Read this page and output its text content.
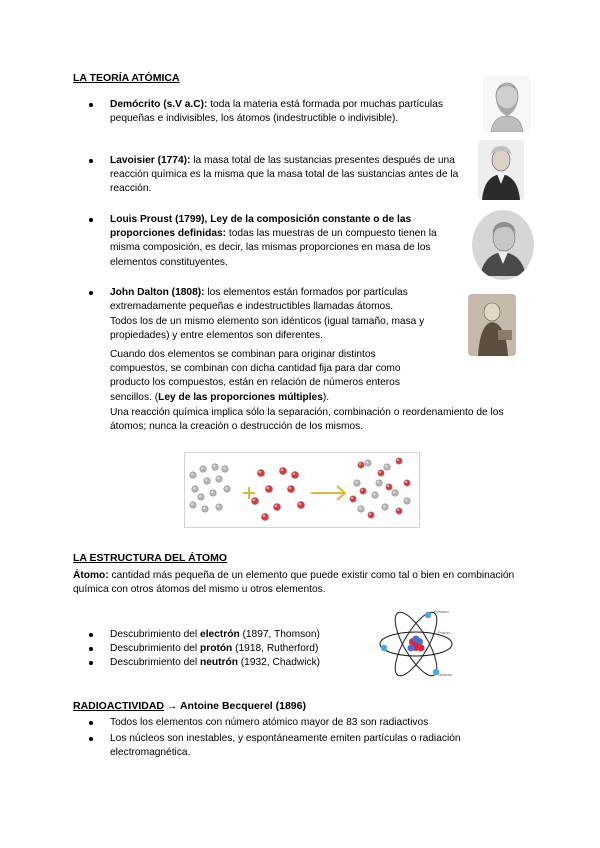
LA TEORÍA ATÓMICA
Demócrito (s.V a.C): toda la materia está formada por muchas partículas pequeñas e indivisibles, los átomos (indestructible o indivisible).
Lavoisier (1774): la masa total de las sustancias presentes después de una reacción química es la misma que la masa total de las sustancias antes de la reacción.
Louis Proust (1799), Ley de la composición constante o de las proporciones definidas: todas las muestras de un compuesto tienen la misma composición, es decir, las mismas proporciones en masa de los elementos constituyentes.
John Dalton (1808): los elementos están formados por partículas extremadamente pequeñas e indestructibles llamadas átomos.
Todos los de un mismo elemento son idénticos (igual tamaño, masa y propiedades) y entre elementos son diferentes.
Cuando dos elementos se combinan para originar distintos compuestos, se combinan con dicha cantidad fija para dar como producto los compuestos, están en relación de números enteros sencillos. (Ley de las proporciones múltiples).
Una reacción química implica sólo la separación, combinación o reordenamiento de los átomos; nunca la creación o destrucción de los mismos.
LA ESTRUCTURA DEL ÁTOMO
Átomo: cantidad más pequeña de un elemento que puede existir como tal o bien en combinación química con otros átomos del mismo u otros elementos.
Descubrimiento del electrón (1897, Thomson)
Descubrimiento del protón (1918, Rutherford)
Descubrimiento del neutrón (1932, Chadwick)
Electrón
Protón
Neutrón
RADIOACTIVIDAD → Antoine Becquerel (1896)
Todos los elementos con número atómico mayor de 83 son radiactivos
Los núcleos son inestables, y espontáneamente emiten partículas o radiación electromagnética.
